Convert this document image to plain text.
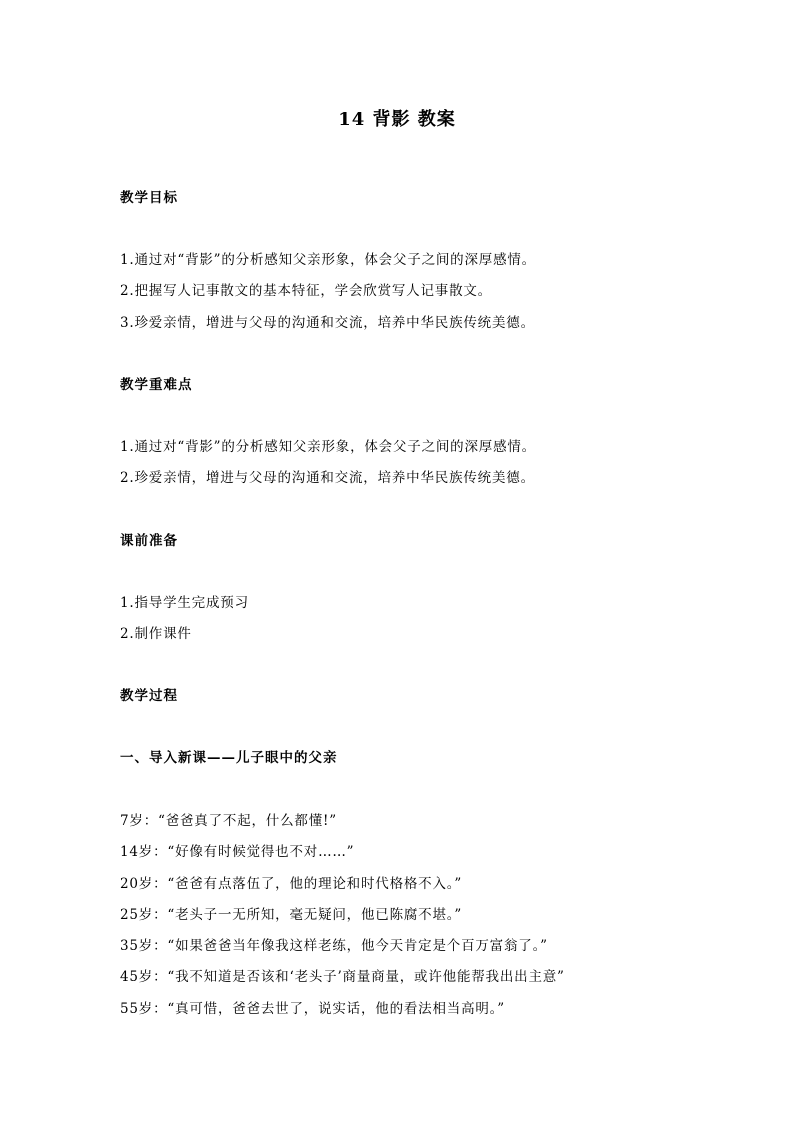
14 背影 教案
教学目标
1.通过对“背影”的分析感知父亲形象，体会父子之间的深厚感情。
2.把握写人记事散文的基本特征，学会欣赏写人记事散文。
3.珍爱亲情，增进与父母的沟通和交流，培养中华民族传统美德。
教学重难点
1.通过对“背影”的分析感知父亲形象，体会父子之间的深厚感情。
2.珍爱亲情，增进与父母的沟通和交流，培养中华民族传统美德。
课前准备
1.指导学生完成预习
2.制作课件
教学过程
一、导入新课——儿子眼中的父亲
7岁：“爸爸真了不起，什么都懂!”
14岁：“好像有时候觉得也不对……”
20岁：“爸爸有点落伍了，他的理论和时代格格不入。”
25岁：“老头子一无所知，毫无疑问，他已陈腐不堪。”
35岁：“如果爸爸当年像我这样老练，他今天肯定是个百万富翁了。”
45岁：“我不知道是否该和‘老头子’商量商量，或许他能帮我出出主意”
55岁：“真可惜，爸爸去世了，说实话，他的看法相当高明。”
